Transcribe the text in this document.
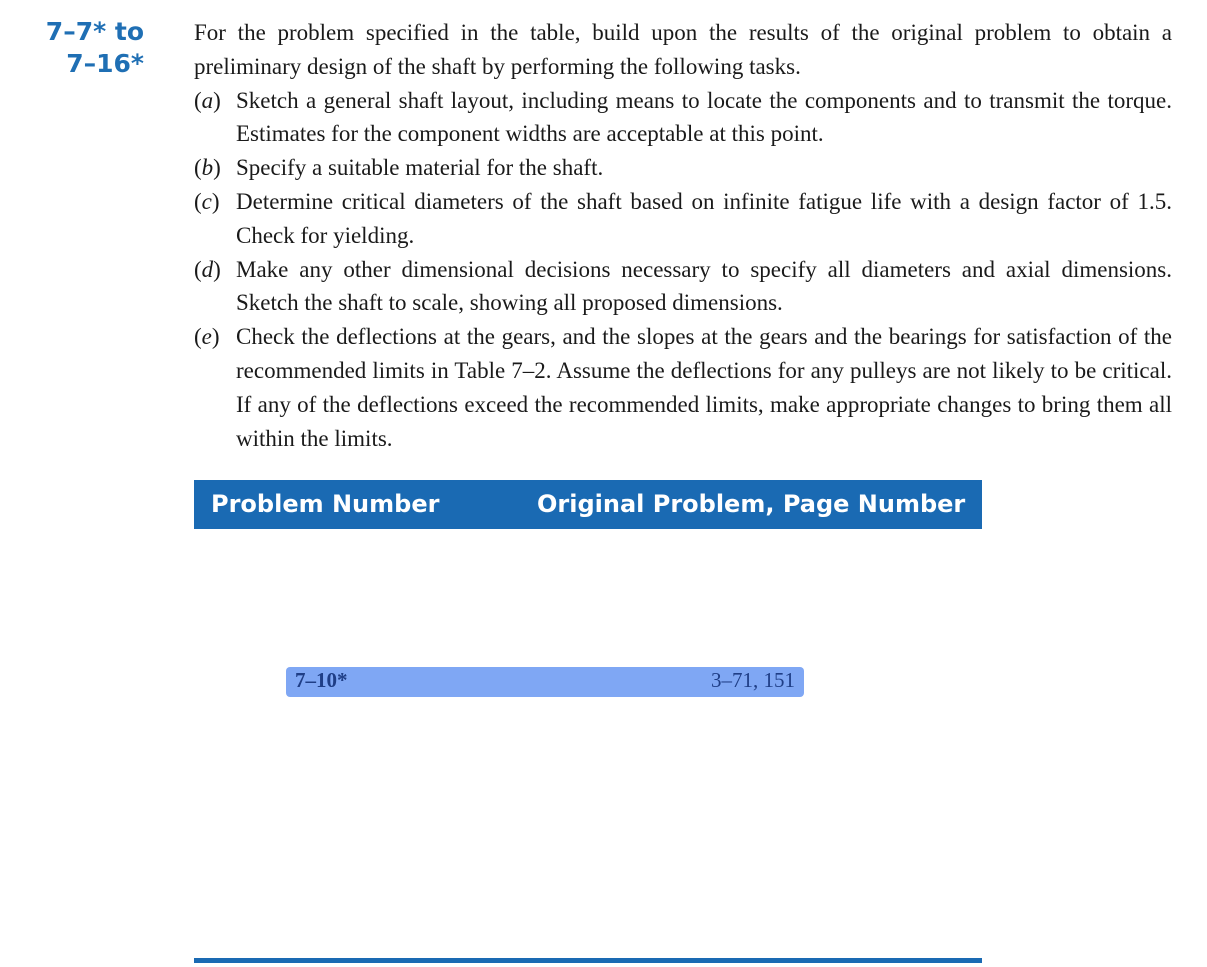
7–7* to
7–16*

For the problem specified in the table, build upon the results of the original problem to obtain a preliminary design of the shaft by performing the following tasks.

(a) Sketch a general shaft layout, including means to locate the components and to transmit the torque. Estimates for the component widths are acceptable at this point.
(b) Specify a suitable material for the shaft.
(c) Determine critical diameters of the shaft based on infinite fatigue life with a design factor of 1.5. Check for yielding.
(d) Make any other dimensional decisions necessary to specify all diameters and axial dimensions. Sketch the shaft to scale, showing all proposed dimensions.
(e) Check the deflections at the gears, and the slopes at the gears and the bearings for satisfaction of the recommended limits in Table 7–2. Assume the deflections for any pulleys are not likely to be critical. If any of the deflections exceed the recommended limits, make appropriate changes to bring them all within the limits.
Problem Number	Original Problem, Page Number
7–10*	3–71, 151
